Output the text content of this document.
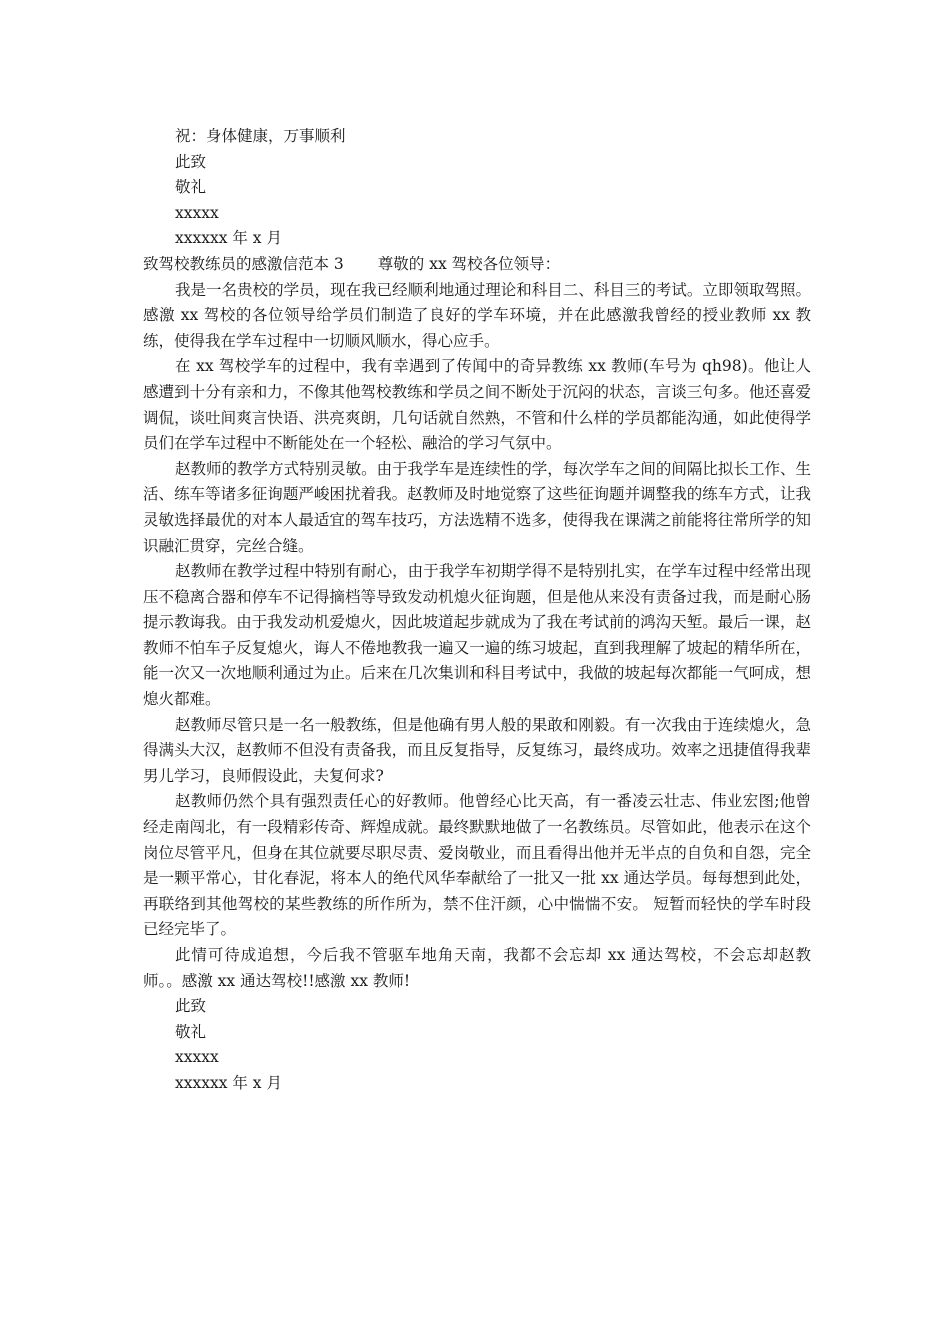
祝：身体健康，万事顺利

此致

敬礼

xxxxx

xxxxxx 年 x 月

致驾校教练员的感激信范本 3 尊敬的 xx 驾校各位领导：

我是一名贵校的学员，现在我已经顺利地通过理论和科目二、科目三的考试。立即领取驾照。感激 xx 驾校的各位领导给学员们制造了良好的学车环境，并在此感激我曾经的授业教师 xx 教练，使得我在学车过程中一切顺风顺水，得心应手。

在 xx 驾校学车的过程中，我有幸遇到了传闻中的奇异教练 xx 教师(车号为 qh98)。他让人感遭到十分有亲和力，不像其他驾校教练和学员之间不断处于沉闷的状态，言谈三句多。他还喜爱调侃，谈吐间爽言快语、洪亮爽朗，几句话就自然熟，不管和什么样的学员都能沟通，如此使得学员们在学车过程中不断能处在一个轻松、融洽的学习气氛中。

赵教师的教学方式特别灵敏。由于我学车是连续性的学，每次学车之间的间隔比拟长工作、生活、练车等诸多征询题严峻困扰着我。赵教师及时地觉察了这些征询题并调整我的练车方式，让我灵敏选择最优的对本人最适宜的驾车技巧，方法选精不选多，使得我在课满之前能将往常所学的知识融汇贯穿，完丝合缝。

赵教师在教学过程中特别有耐心，由于我学车初期学得不是特别扎实，在学车过程中经常出现压不稳离合器和停车不记得摘档等导致发动机熄火征询题，但是他从来没有责备过我，而是耐心肠提示教诲我。由于我发动机爱熄火，因此坡道起步就成为了我在考试前的鸿沟天堑。最后一课，赵教师不怕车子反复熄火，诲人不倦地教我一遍又一遍的练习坡起，直到我理解了坡起的精华所在，能一次又一次地顺利通过为止。后来在几次集训和科目考试中，我做的坡起每次都能一气呵成，想熄火都难。

赵教师尽管只是一名一般教练，但是他确有男人般的果敢和刚毅。有一次我由于连续熄火，急得满头大汉，赵教师不但没有责备我，而且反复指导，反复练习，最终成功。效率之迅捷值得我辈男儿学习，良师假设此，夫复何求?

赵教师仍然个具有强烈责任心的好教师。他曾经心比天高，有一番凌云壮志、伟业宏图;他曾经走南闯北，有一段精彩传奇、辉煌成就。最终默默地做了一名教练员。尽管如此，他表示在这个岗位尽管平凡，但身在其位就要尽职尽责、爱岗敬业，而且看得出他并无半点的自负和自怨，完全是一颗平常心，甘化春泥，将本人的绝代风华奉献给了一批又一批 xx 通达学员。每每想到此处，再联络到其他驾校的某些教练的所作所为，禁不住汗颜，心中惴惴不安。 短暂而轻快的学车时段已经完毕了。

此情可待成追想，今后我不管驱车地角天南，我都不会忘却 xx 通达驾校，不会忘却赵教师。。感激 xx 通达驾校!!感激 xx 教师!

此致

敬礼

xxxxx

xxxxxx 年 x 月
